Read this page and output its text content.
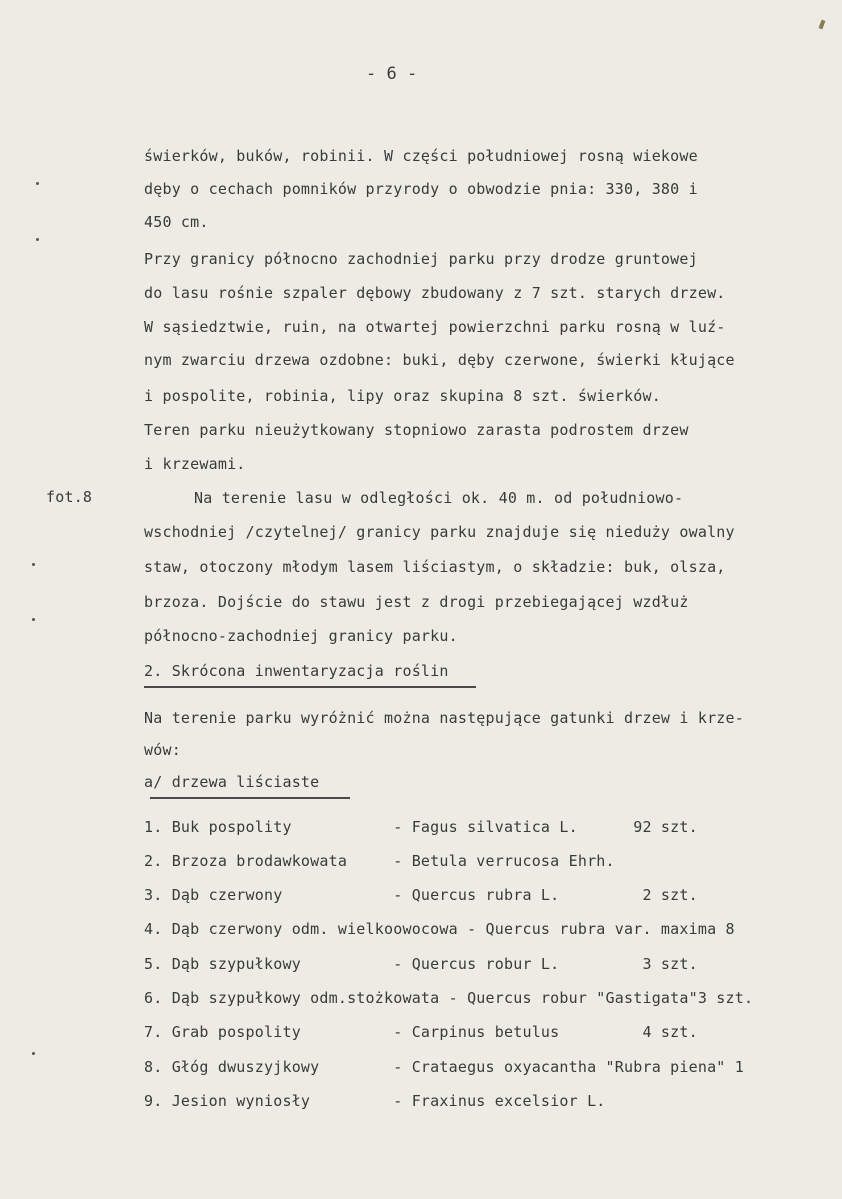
- 6 -
fot.8
świerków, buków, robinii. W części południowej rosną wiekowe
dęby o cechach pomników przyrody o obwodzie pnia: 330, 380 i
450 cm.
Przy granicy północno zachodniej parku przy drodze gruntowej
do lasu rośnie szpaler dębowy zbudowany z 7 szt. starych drzew.
W sąsiedztwie, ruin, na otwartej powierzchni parku rosną w luź-
nym zwarciu drzewa ozdobne: buki, dęby czerwone, świerki kłujące
i pospolite, robinia, lipy oraz skupina 8 szt. świerków.
Teren parku nieużytkowany stopniowo zarasta podrostem drzew
i krzewami.
Na terenie lasu w odległości ok. 40 m. od południowo-
wschodniej /czytelnej/ granicy parku znajduje się nieduży owalny
staw, otoczony młodym lasem liściastym, o składzie: buk, olsza,
brzoza. Dojście do stawu jest z drogi przebiegającej wzdłuż
północno-zachodniej granicy parku.
2. Skrócona inwentaryzacja roślin
Na terenie parku wyróżnić można następujące gatunki drzew i krze-
wów:
a/ drzewa liściaste
1. Buk pospolity           - Fagus silvatica L.      92 szt.
2. Brzoza brodawkowata     - Betula verrucosa Ehrh.
3. Dąb czerwony            - Quercus rubra L.         2 szt.
4. Dąb czerwony odm. wielkoowocowa - Quercus rubra var. maxima 8
5. Dąb szypułkowy          - Quercus robur L.         3 szt.
6. Dąb szypułkowy odm.stożkowata - Quercus robur "Gastigata"3 szt.
7. Grab pospolity          - Carpinus betulus         4 szt.
8. Głóg dwuszyjkowy        - Crataegus oxyacantha "Rubra piena" 1
9. Jesion wyniosły         - Fraxinus excelsior L.
